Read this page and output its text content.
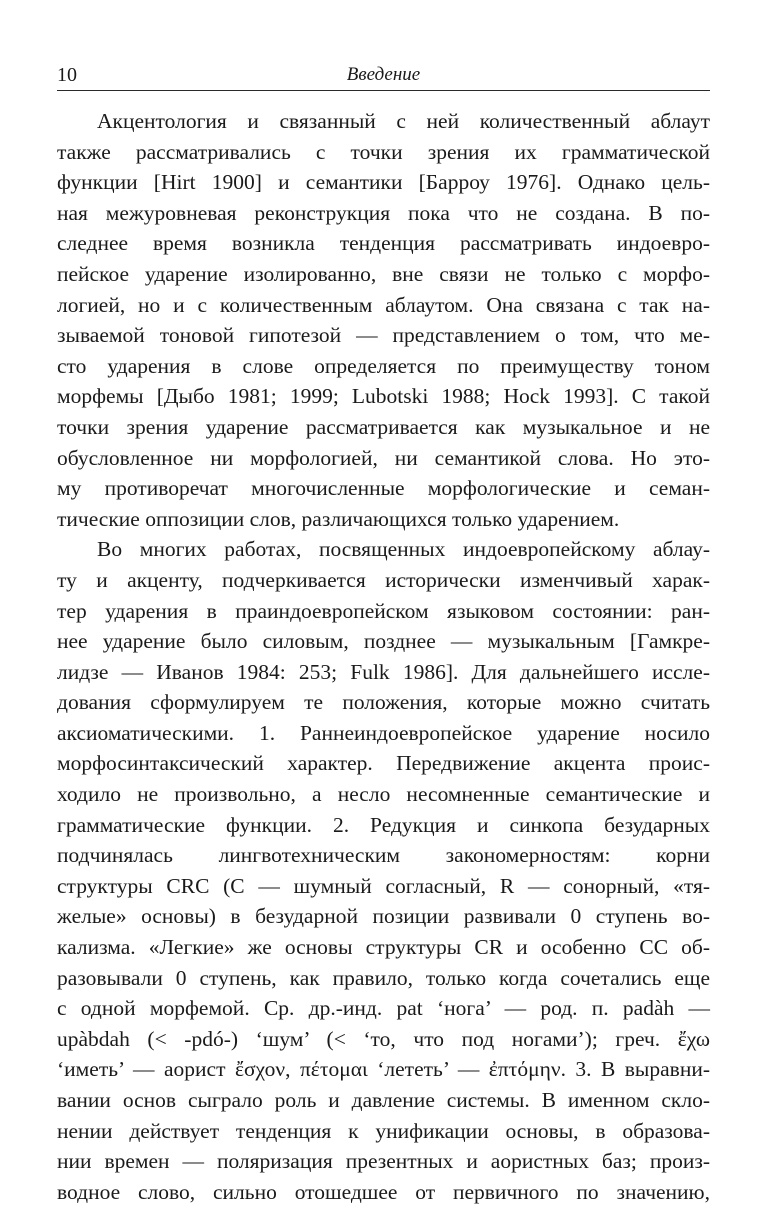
10	Введение
Акцентология и связанный с ней количественный аблаут
также рассматривались с точки зрения их грамматической
функции [Hirt 1900] и семантики [Барроу 1976]. Однако цель-
ная межуровневая реконструкция пока что не создана. В по-
следнее время возникла тенденция рассматривать индоевро-
пейское ударение изолированно, вне связи не только с морфо-
логией, но и с количественным аблаутом. Она связана с так на-
зываемой тоновой гипотезой — представлением о том, что ме-
сто ударения в слове определяется по преимуществу тоном
морфемы [Дыбо 1981; 1999; Lubotski 1988; Hock 1993]. С такой
точки зрения ударение рассматривается как музыкальное и не
обусловленное ни морфологией, ни семантикой слова. Но это-
му противоречат многочисленные морфологические и семан-
тические оппозиции слов, различающихся только ударением.
Во многих работах, посвященных индоевропейскому аблау-
ту и акценту, подчеркивается исторически изменчивый харак-
тер ударения в праиндоевропейском языковом состоянии: ран-
нее ударение было силовым, позднее — музыкальным [Гамкре-
лидзе — Иванов 1984: 253; Fulk 1986]. Для дальнейшего иссле-
дования сформулируем те положения, которые можно считать
аксиоматическими. 1. Раннеиндоевропейское ударение носило
морфосинтаксический характер. Передвижение акцента проис-
ходило не произвольно, а несло несомненные семантические и
грамматические функции. 2. Редукция и синкопа безударных
подчинялась лингвотехническим закономерностям: корни
структуры CRC (C — шумный согласный, R — сонорный, «тя-
желые» основы) в безударной позиции развивали 0 ступень во-
кализма. «Легкие» же основы структуры CR и особенно CC об-
разовывали 0 ступень, как правило, только когда сочетались еще
с одной морфемой. Ср. др.-инд. pat ‘нога’ — род. п. padàh —
upàbdah (< -pdó-) ‘шум’ (< ‘то, что под ногами’); греч. ἔχω
‘иметь’ — аорист ἔσχον, πέτομαι ‘лететь’ — ἐπτόμην. 3. В выравни-
вании основ сыграло роль и давление системы. В именном скло-
нении действует тенденция к унификации основы, в образова-
нии времен — поляризация презентных и аористных баз; произ-
водное слово, сильно отошедшее от первичного по значению,
